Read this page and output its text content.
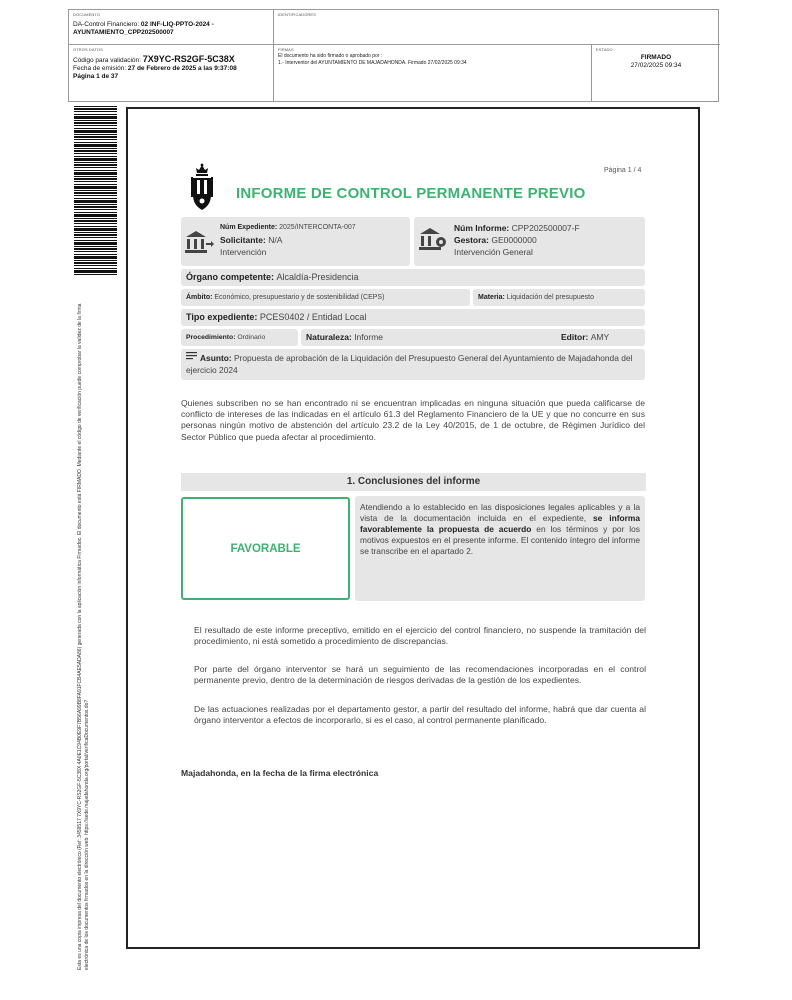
DOCUMENTO
DA-Control Financiero: 02 INF-LIQ-PPTO-2024 -AYUNTAMIENTO_CPP202500007
IDENTIFICADORES
OTROS DATOS
Código para validación: 7X9YC-RS2GF-5C38X
Fecha de emisión: 27 de Febrero de 2025 a las 9:37:08
Página 1 de 37
FIRMAS
El documento ha sido firmado o aprobado por :
1.- Interventor del AYUNTAMIENTO DE MAJADAHONDA. Firmado 27/02/2025 09:34
ESTADO
FIRMADO
27/02/2025 09:34
Esta es una copia impresa del documento electrónico (Ref: 3459517 7X9YC-RS2GF-5C38X 4A0E1C94B0E9F7B56A99B8FA91FCB4AE5ADA86) generada con la aplicación informática Firmadoc. El documento está FIRMADO. Mediante el código de verificación puede comprobar la validez de la firma electrónica de los documentos firmados en la dirección web: https://sede.majadahonda.org/portal/verificaDocumentos.do?
Página 1 / 4
INFORME DE CONTROL PERMANENTE PREVIO
Núm Expediente: 2025/INTERCONTA-007
Solicitante: N/A
Intervención
Núm Informe: CPP202500007-F
Gestora: GE0000000
Intervención General
Órgano competente: Alcaldía-Presidencia
Ámbito: Económico, presupuestario y de sostenibilidad (CEPS)	Materia: Liquidación del presupuesto
Tipo expediente: PCES0402 / Entidad Local
Procedimiento: Ordinario	Naturaleza: Informe	Editor: AMY
Asunto: Propuesta de aprobación de la Liquidación del Presupuesto General del Ayuntamiento de Majadahonda del ejercicio 2024
Quienes subscriben no se han encontrado ni se encuentran implicadas en ninguna situación que pueda calificarse de conflicto de intereses de las indicadas en el artículo 61.3 del Reglamento Financiero de la UE y que no concurre en sus personas ningún motivo de abstención del artículo 23.2 de la Ley 40/2015, de 1 de octubre, de Régimen Jurídico del Sector Público que pueda afectar al procedimiento.
1. Conclusiones del informe
FAVORABLE
Atendiendo a lo establecido en las disposiciones legales aplicables y a la vista de la documentación incluida en el expediente, se informa favorablemente la propuesta de acuerdo en los términos y por los motivos expuestos en el presente informe. El contenido íntegro del informe se transcribe en el apartado 2.
El resultado de este informe preceptivo, emitido en el ejercicio del control financiero, no suspende la tramitación del procedimiento, ni está sometido a procedimiento de discrepancias.
Por parte del órgano interventor se hará un seguimiento de las recomendaciones incorporadas en el control permanente previo, dentro de la determinación de riesgos derivadas de la gestión de los expedientes.
De las actuaciones realizadas por el departamento gestor, a partir del resultado del informe, habrá que dar cuenta al órgano interventor a efectos de incorporarlo, si es el caso, al control permanente planificado.
Majadahonda, en la fecha de la firma electrónica
